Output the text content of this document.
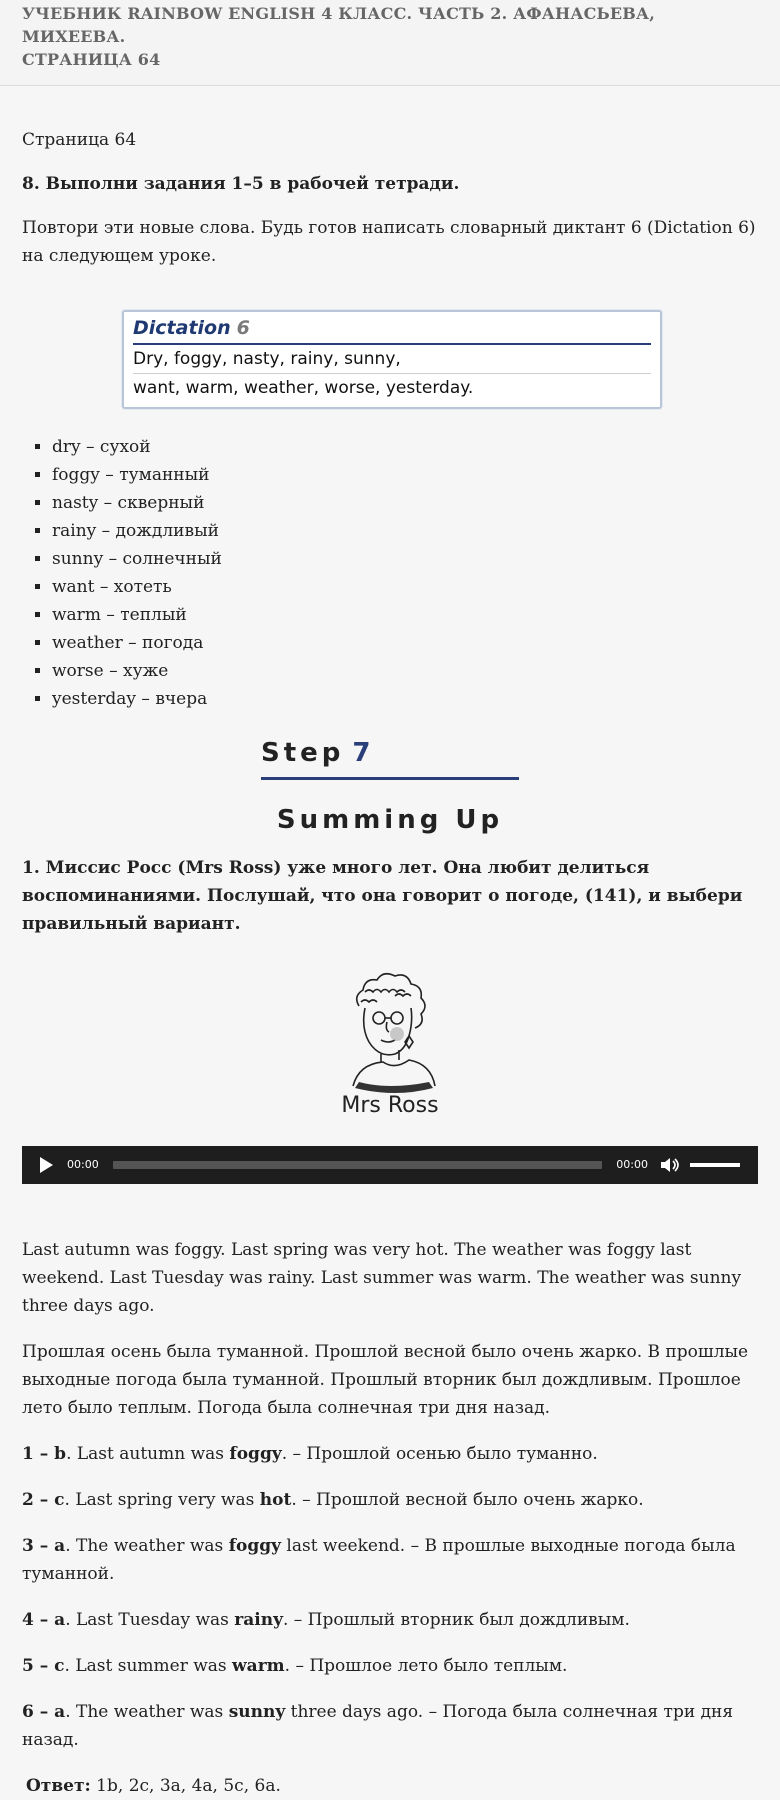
УЧЕБНИК RAINBOW ENGLISH 4 КЛАСС. ЧАСТЬ 2. АФАНАСЬЕВА, МИХЕЕВА.
СТРАНИЦА 64

Страница 64

8. Выполни задания 1–5 в рабочей тетради.

Повтори эти новые слова. Будь готов написать словарный диктант 6 (Dictation 6) на следующем уроке.

Dictation 6
Dry, foggy, nasty, rainy, sunny,
want, warm, weather, worse, yesterday.
▪ dry – сухой
▪ foggy – туманный
▪ nasty – скверный
▪ rainy – дождливый
▪ sunny – солнечный
▪ want – хотеть
▪ warm – теплый
▪ weather – погода
▪ worse – хуже
▪ yesterday – вчера
Step 7
Summing Up

1. Миссис Росс (Mrs Ross) уже много лет. Она любит делиться воспоминаниями. Послушай, что она говорит о погоде, (141), и выбери правильный вариант.

Mrs Ross
00:00	00:00

Last autumn was foggy. Last spring was very hot. The weather was foggy last weekend. Last Tuesday was rainy. Last summer was warm. The weather was sunny three days ago.

Прошлая осень была туманной. Прошлой весной было очень жарко. В прошлые выходные погода была туманной. Прошлый вторник был дождливым. Прошлое лето было теплым. Погода была солнечная три дня назад.

1 – b. Last autumn was foggy. – Прошлой осенью было туманно.

2 – c. Last spring very was hot. – Прошлой весной было очень жарко.

3 – a. The weather was foggy last weekend. – В прошлые выходные погода была туманной.

4 – a. Last Tuesday was rainy. – Прошлый вторник был дождливым.

5 – c. Last summer was warm. – Прошлое лето было теплым.

6 – a. The weather was sunny three days ago. – Погода была солнечная три дня назад.

Ответ: 1b, 2c, 3a, 4a, 5c, 6a.
